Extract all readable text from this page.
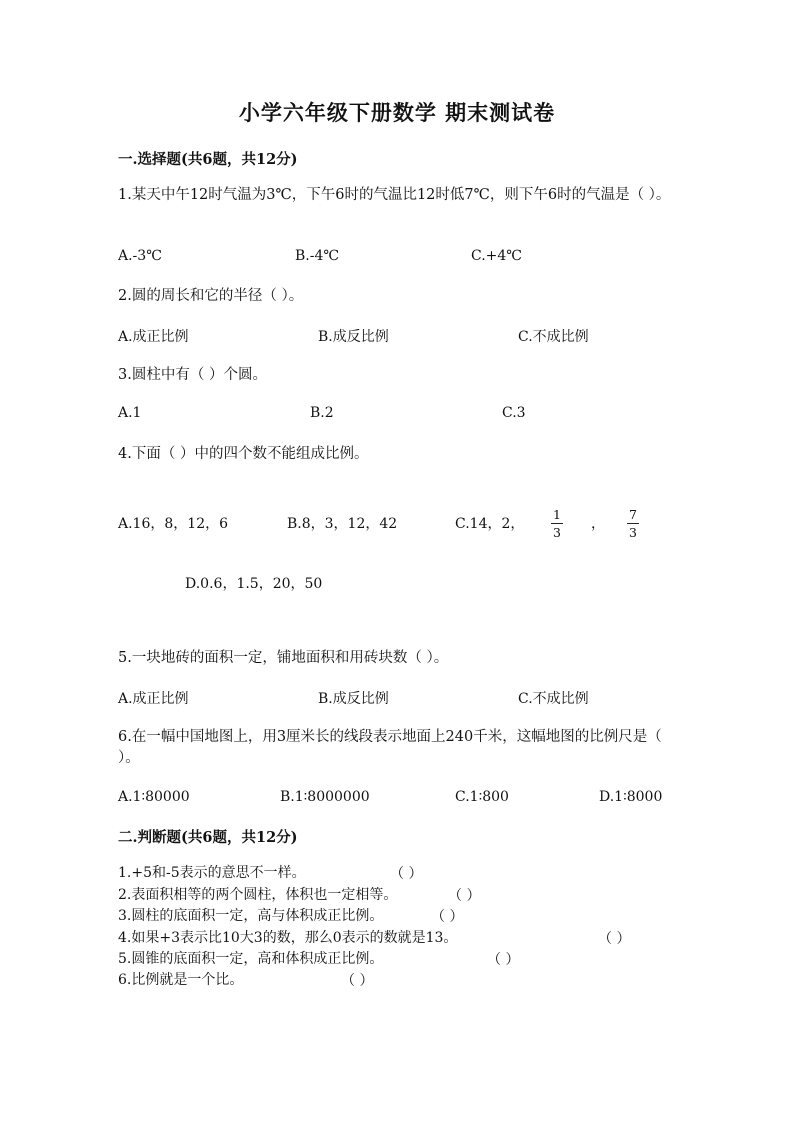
小学六年级下册数学 期末测试卷
一.选择题(共6题，共12分)
1.某天中午12时气温为3℃，下午6时的气温比12时低7℃，则下午6时的气温是（ ）。
A.-3℃	B.-4℃	C.+4℃
2.圆的周长和它的半径（ ）。
A.成正比例	B.成反比例	C.不成比例
3.圆柱中有（ ）个圆。
A.1	B.2	C.3
4.下面（ ）中的四个数不能组成比例。
A.16，8，12，6	B.8，3，12，42	C.14，2，
1
3
，
7
3
D.0.6，1.5，20，50
5.一块地砖的面积一定，铺地面积和用砖块数（ ）。
A.成正比例	B.成反比例	C.不成比例
6.在一幅中国地图上，用3厘米长的线段表示地面上240千米，这幅地图的比例尺是（ ）。
A.1∶80000	B.1∶8000000	C.1∶800	D.1∶8000
二.判断题(共6题，共12分)
1.+5和-5表示的意思不一样。	（ ）
2.表面积相等的两个圆柱，体积也一定相等。	（ ）
3.圆柱的底面积一定，高与体积成正比例。	（ ）
4.如果+3表示比10大3的数，那么0表示的数就是13。	（ ）
5.圆锥的底面积一定，高和体积成正比例。	（ ）
6.比例就是一个比。	（ ）
